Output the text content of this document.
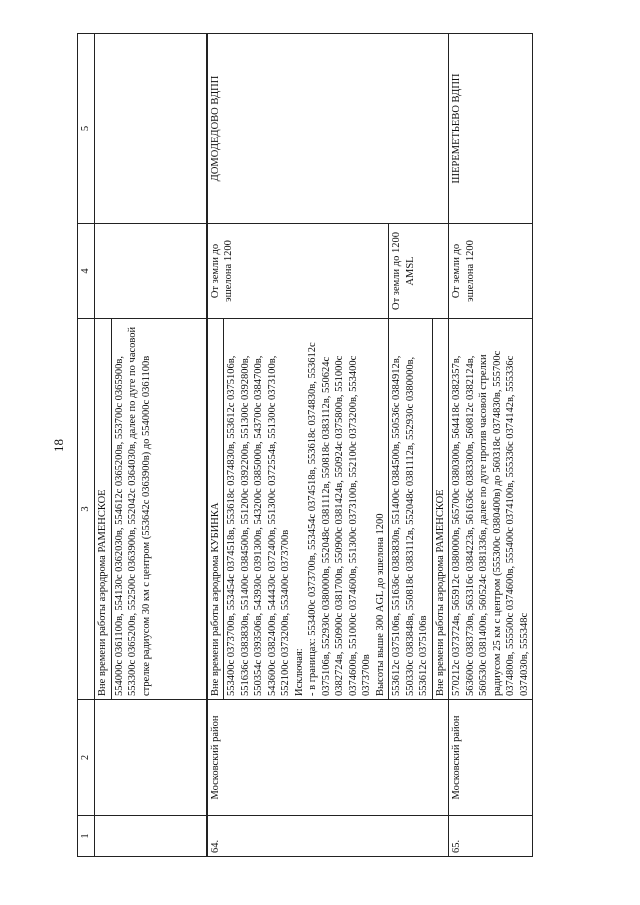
18
1	2	3	4	5
		Вне времени работы аэродрома РАМЕНСКОЕ		
		554000с 0361100в, 554130с 0362030в, 554612с 0365200в, 553700с 0365900в, 553300с 0365200в, 552500с 0363900в, 552042с 0364030в, далее по дуге по часовой стрелке радиусом 30 км с центром (553642с 0363900в) до 554000с 0361100в		

64.	Московский район	Вне времени работы аэродрома КУБИНКА	От земли до эшелона 1200	ДОМОДЕДОВО ВДПП

		553400с 0373700в, 553454с 0374518в, 553618с 0374830в, 553612с 0375106в, 551636с 0383830в, 551400с 0384500в, 551200с 0392200в, 551300с 0392800в, 550354с 0393506в, 543930с 0391300в, 543200с 0385000в, 543700с 0384700в, 543600с 0382400в, 544430с 0372400в, 551300с 0372554в, 551300с 0373100в, 552100с 0373200в, 553400с 0373700в Исключая: - в границах: 553400с 0373700в, 553454с 0374518в, 553618с 0374830в, 553612с 0375106в, 552930с 0380000в, 552048с 0381112в, 550818с 0383112в, 550624с 0382724в, 550900с 0381700в, 550900с 0381424в, 550924с 0375800в, 551000с 0374600в, 551000с 0374600в, 551300с 0373100в, 552100с 0373200в, 553400с 0373700в Высоты выше 300 AGL до эшелона 1200		

		553612с 0375106в, 551636с 0383830в, 551400с 0384500в, 550536с 0384912в, 550330с 0383848в, 550818с 0383112в, 552048с 0381112в, 552930с 0380000в, 553612с 0375106в	От земли до 1200 AMSL	
		Вне времени работы аэродрома РАМЕНСКОЕ		

65.	Московский район	570212с 0373724в, 565912с 0380000в, 565700с 0380300в, 564418с 0382357в, 563600с 0383730в, 563316с 0384223в, 561636с 0383300в, 560812с 0382124в, 560530с 0381400в, 560524с 0381336в, далее по дуге против часовой стрелки радиусом 25 км с центром (555300с 0380400в) до 560318с 0374830в, 555700с 0374800в, 555500с 0374600в, 555400с 0374100в, 555336с 0374142в, 555336с 0374030в, 555348с	От земли до эшелона 1200	ШЕРЕМЕТЬЕВО ВДПП
